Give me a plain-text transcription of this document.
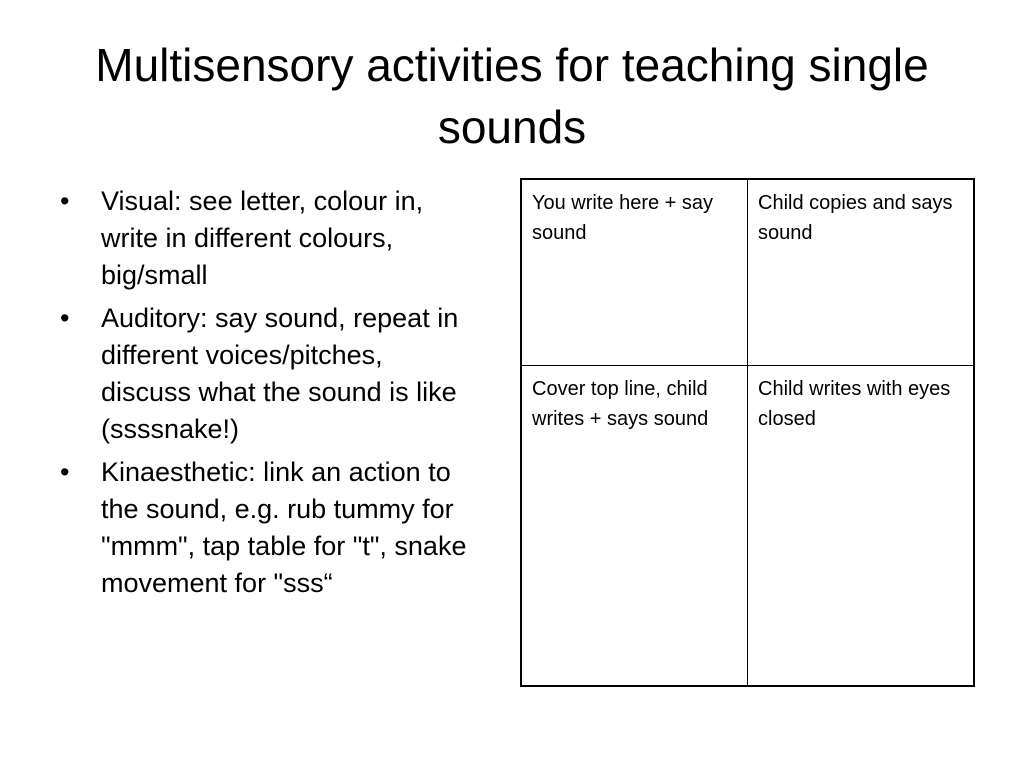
Multisensory activities for teaching single sounds
• Visual: see letter, colour in, write in different colours, big/small
• Auditory: say sound, repeat in different voices/pitches, discuss what the sound is like (ssssnake!)
• Kinaesthetic: link an action to the sound, e.g. rub tummy for "mmm", tap table for "t", snake movement for "sss“
You write here + say sound	Child copies and says sound
Cover top line, child writes + says sound	Child writes with eyes closed
